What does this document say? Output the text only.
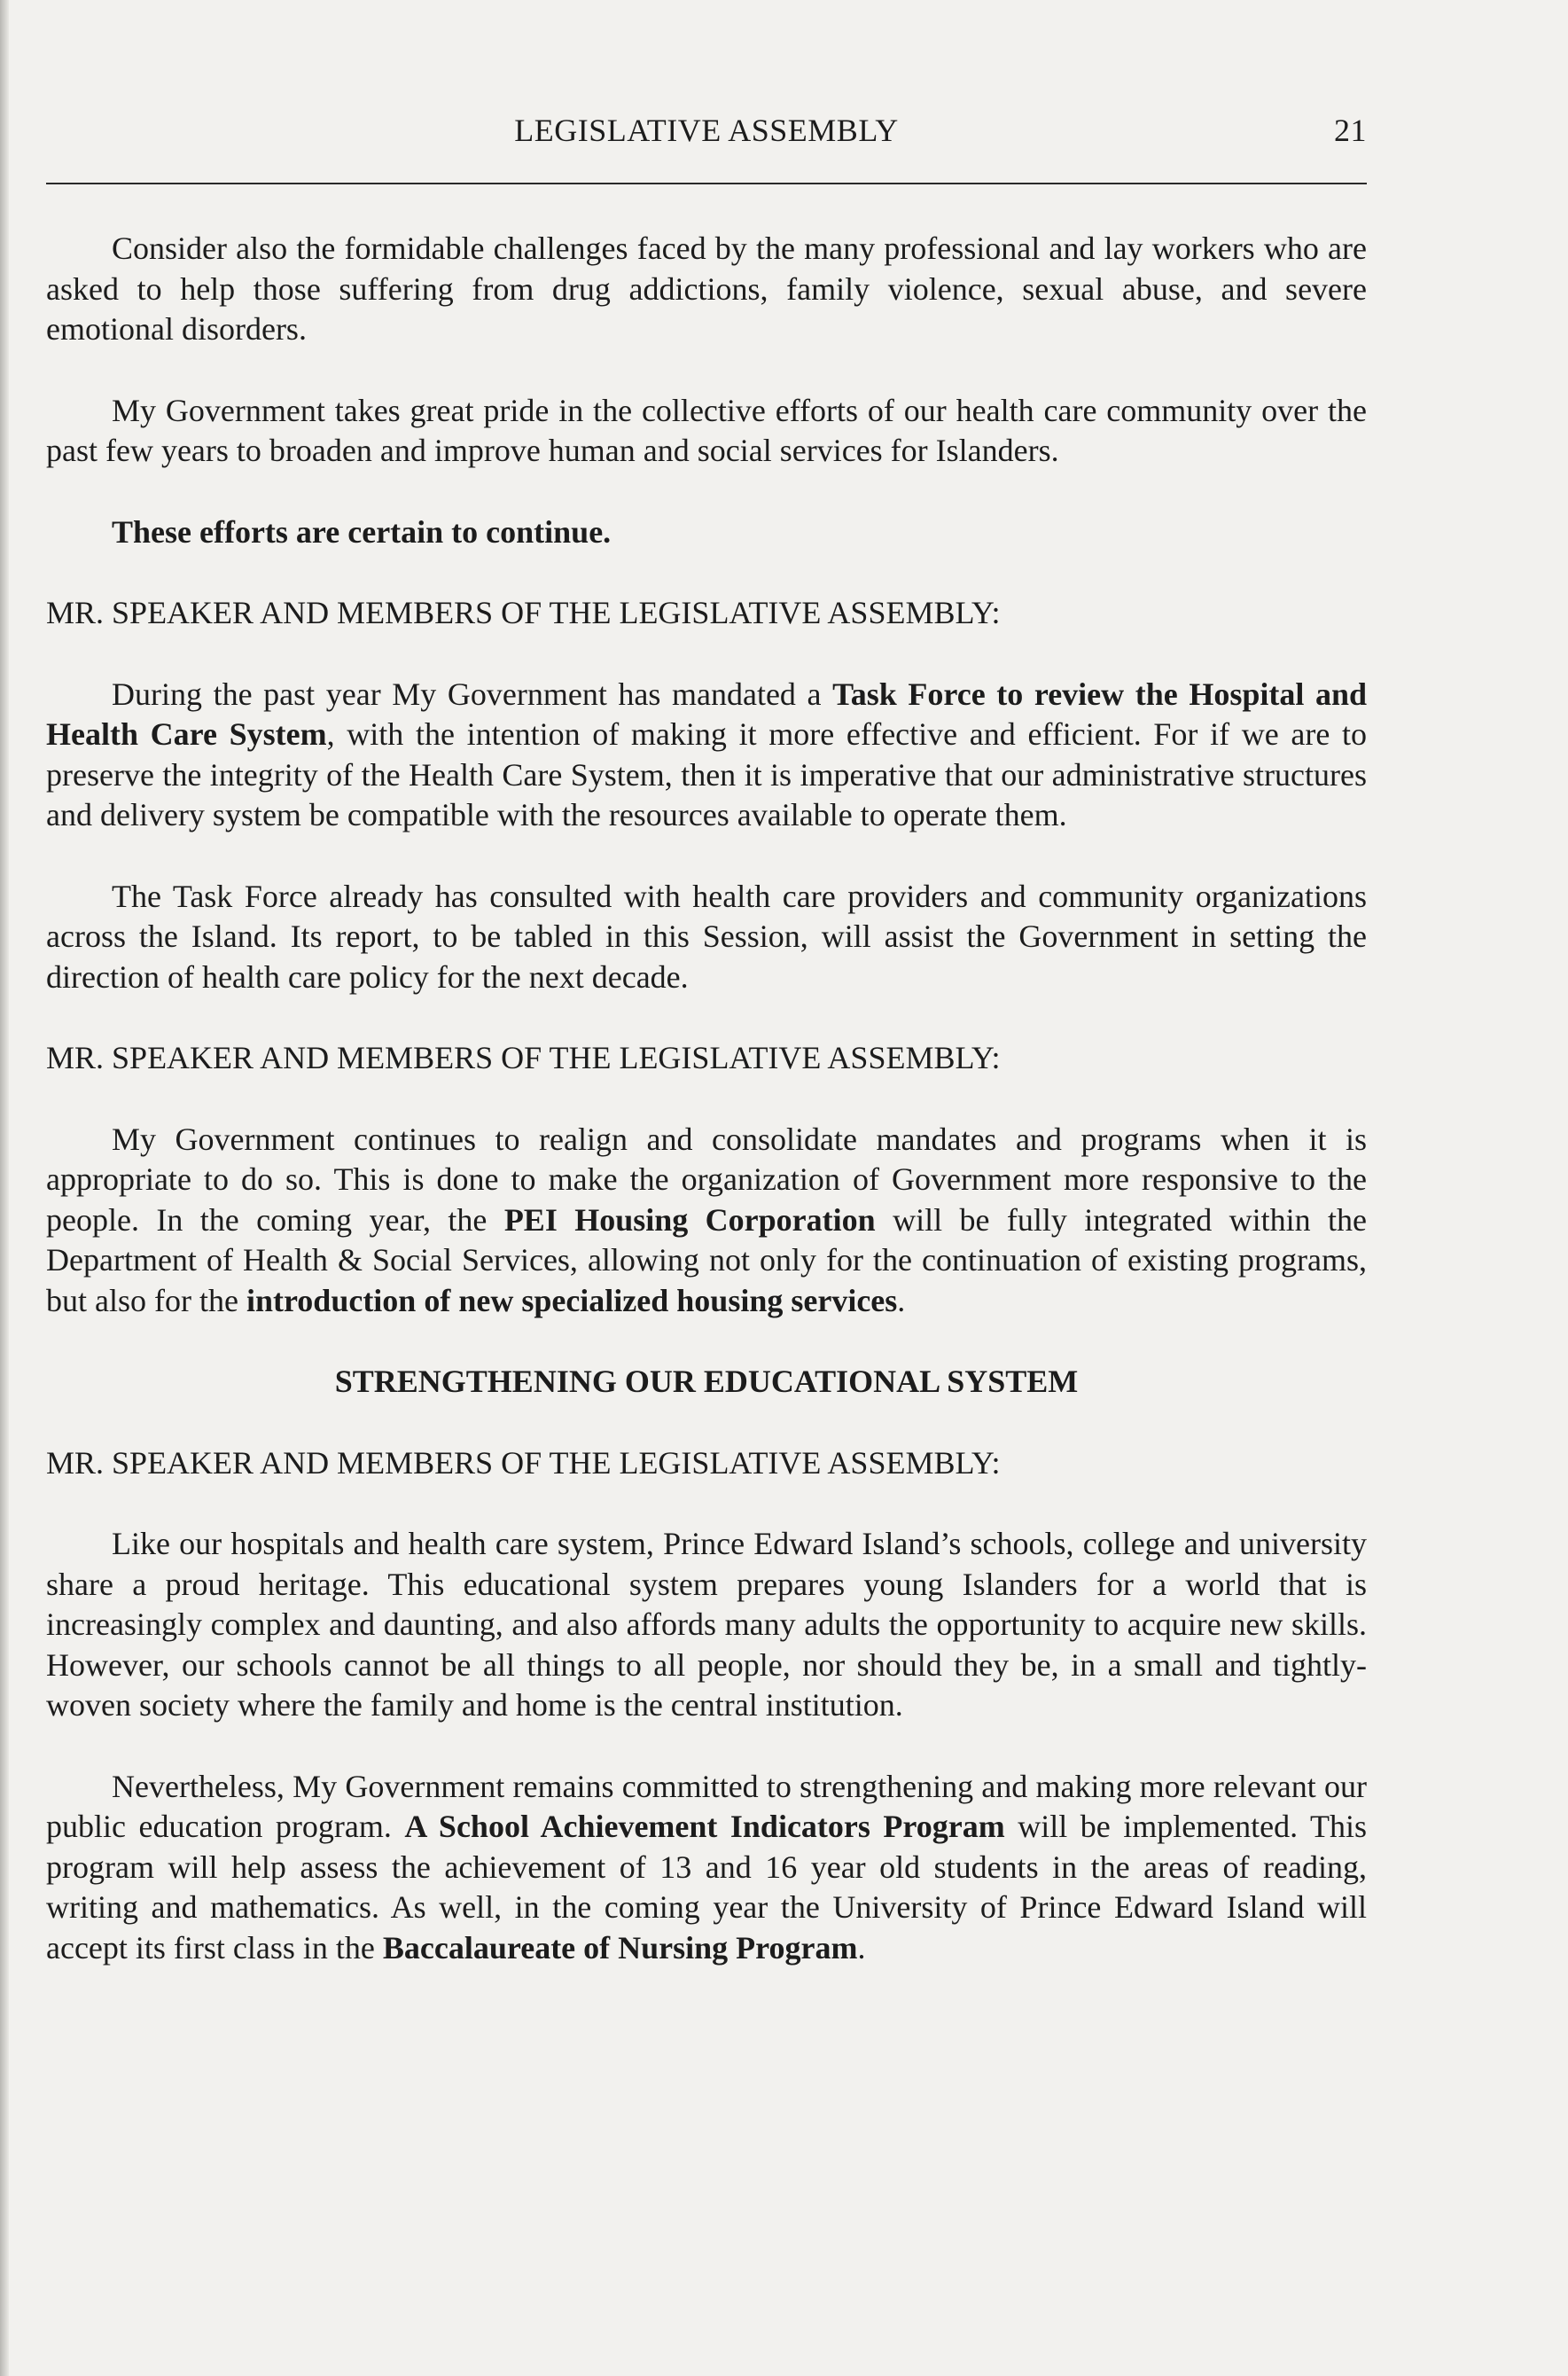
LEGISLATIVE ASSEMBLY	21

Consider also the formidable challenges faced by the many professional and lay workers who are asked to help those suffering from drug addictions, family violence, sexual abuse, and severe emotional disorders.

My Government takes great pride in the collective efforts of our health care community over the past few years to broaden and improve human and social services for Islanders.

These efforts are certain to continue.

MR. SPEAKER AND MEMBERS OF THE LEGISLATIVE ASSEMBLY:

During the past year My Government has mandated a Task Force to review the Hospital and Health Care System, with the intention of making it more effective and efficient. For if we are to preserve the integrity of the Health Care System, then it is imperative that our administrative structures and delivery system be compatible with the resources available to operate them.

The Task Force already has consulted with health care providers and community organizations across the Island. Its report, to be tabled in this Session, will assist the Government in setting the direction of health care policy for the next decade.

MR. SPEAKER AND MEMBERS OF THE LEGISLATIVE ASSEMBLY:

My Government continues to realign and consolidate mandates and programs when it is appropriate to do so. This is done to make the organization of Government more responsive to the people. In the coming year, the PEI Housing Corporation will be fully integrated within the Department of Health & Social Services, allowing not only for the continuation of existing programs, but also for the introduction of new specialized housing services.

STRENGTHENING OUR EDUCATIONAL SYSTEM

MR. SPEAKER AND MEMBERS OF THE LEGISLATIVE ASSEMBLY:

Like our hospitals and health care system, Prince Edward Island’s schools, college and university share a proud heritage. This educational system prepares young Islanders for a world that is increasingly complex and daunting, and also affords many adults the opportunity to acquire new skills. However, our schools cannot be all things to all people, nor should they be, in a small and tightly-woven society where the family and home is the central institution.

Nevertheless, My Government remains committed to strengthening and making more relevant our public education program. A School Achievement Indicators Program will be implemented. This program will help assess the achievement of 13 and 16 year old students in the areas of reading, writing and mathematics. As well, in the coming year the University of Prince Edward Island will accept its first class in the Baccalaureate of Nursing Program.
